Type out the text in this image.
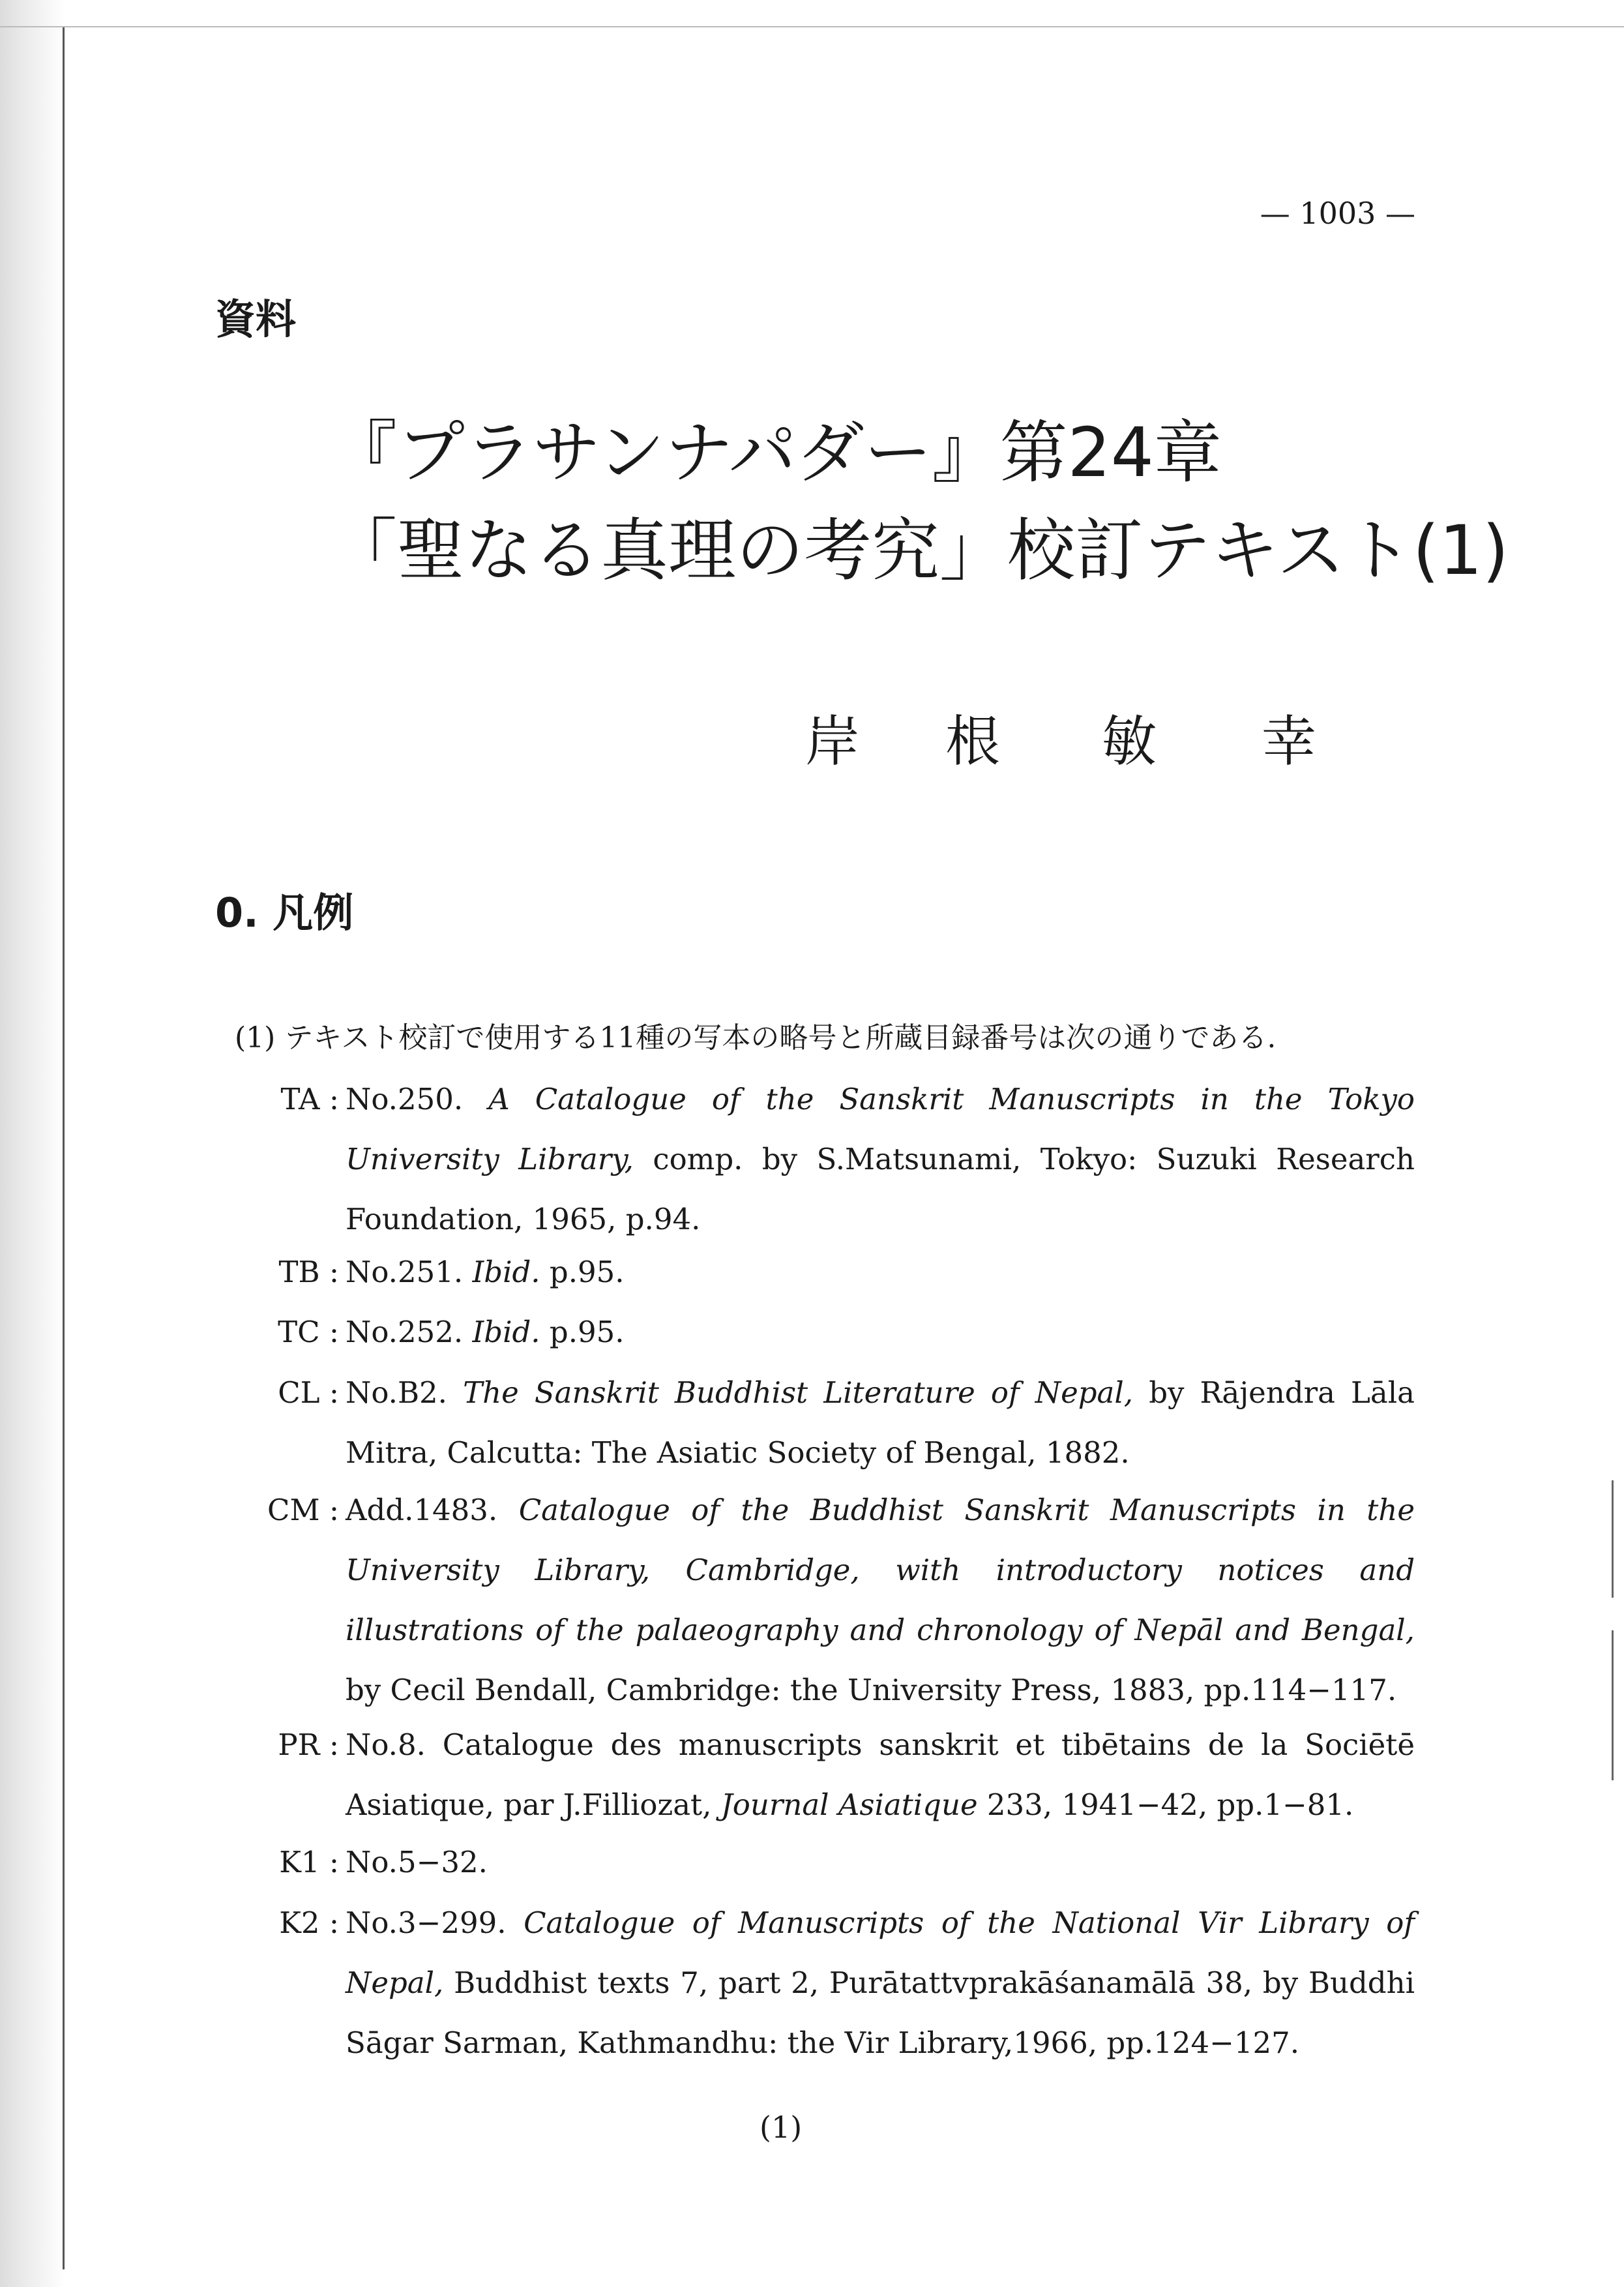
— 1003 —
資料
『プラサンナパダー』第24章
「聖なる真理の考究」校訂テキスト(1)
岸 根 敏 幸
0. 凡例
(1) テキスト校訂で使用する11種の写本の略号と所蔵目録番号は次の通りである.
TA : No.250. A Catalogue of the Sanskrit Manuscripts in the Tokyo University Library, comp. by S.Matsunami, Tokyo: Suzuki Research Foundation, 1965, p.94.
TB : No.251. Ibid. p.95.
TC : No.252. Ibid. p.95.
CL : No.B2. The Sanskrit Buddhist Literature of Nepal, by Rājendra Lāla Mitra, Calcutta: The Asiatic Society of Bengal, 1882.
CM : Add.1483. Catalogue of the Buddhist Sanskrit Manuscripts in the University Library, Cambridge, with introductory notices and illustrations of the palaeography and chronology of Nepāl and Bengal, by Cecil Bendall, Cambridge: the University Press, 1883, pp.114−117.
PR : No.8. Catalogue des manuscripts sanskrit et tibētains de la Sociētē Asiatique, par J.Filliozat, Journal Asiatique 233, 1941−42, pp.1−81.
K1 : No.5−32.
K2 : No.3−299. Catalogue of Manuscripts of the National Vir Library of Nepal, Buddhist texts 7, part 2, Purātattvprakāśanamālā 38, by Buddhi Sāgar Sarman, Kathmandhu: the Vir Library,1966, pp.124−127.
(1)
